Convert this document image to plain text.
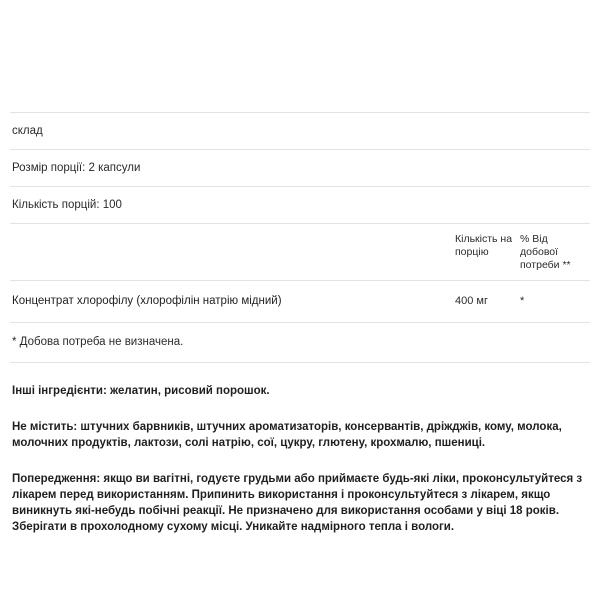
склад
Розмір порції: 2 капсули
Кількість порцій: 100
Кількість на порцію
% Від добової потреби **
Концентрат хлорофілу (хлорофілін натрію мідний)	400 мг	*
* Добова потреба не визначена.
Інші інгредієнти: желатин, рисовий порошок.
Не містить: штучних барвників, штучних ароматизаторів, консервантів, дріжджів, кому, молока, молочних продуктів, лактози, солі натрію, сої, цукру, глютену, крохмалю, пшениці.
Попередження: якщо ви вагітні, годуєте грудьми або приймаєте будь-які ліки, проконсультуйтеся з лікарем перед використанням. Припинить використання і проконсультуйтеся з лікарем, якщо виникнуть які-небудь побічні реакції. Не призначено для використання особами у віці 18 років. Зберігати в прохолодному сухому місці. Уникайте надмірного тепла і вологи.
